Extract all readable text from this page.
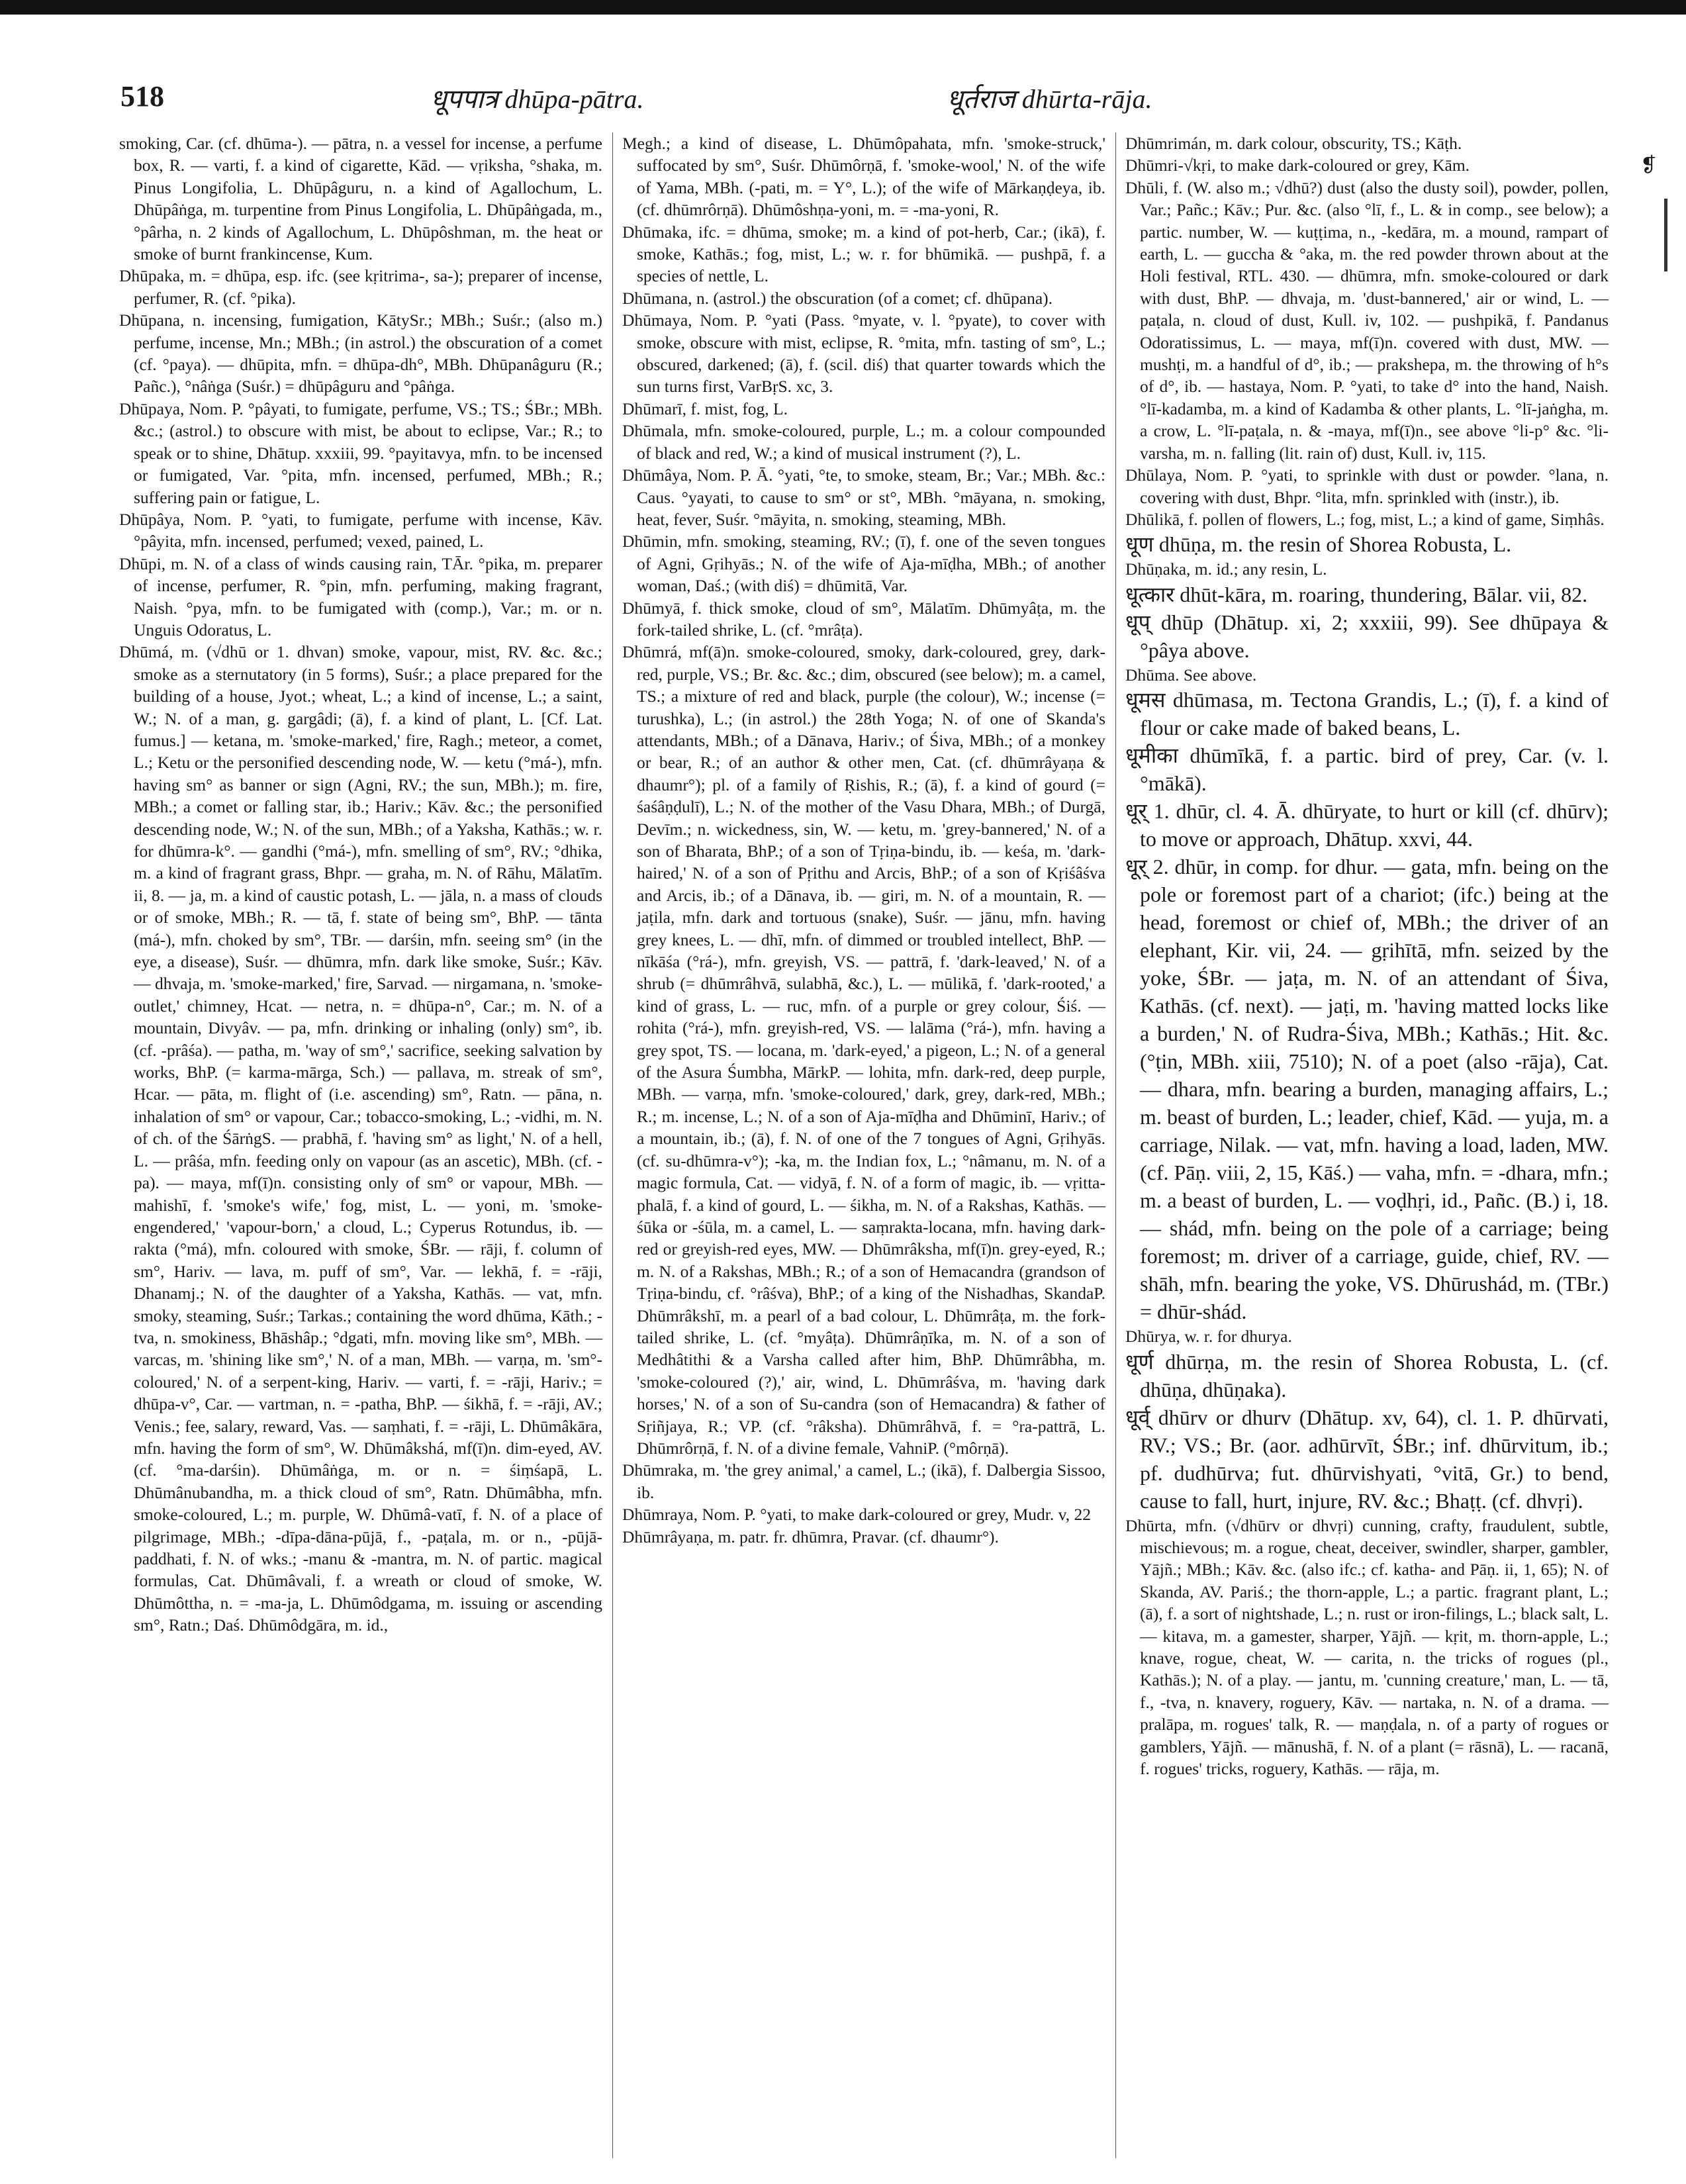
518	धूपपात्र dhūpa-pātra.	धूर्तराज dhūrta-rāja.
❡
smoking, Car. (cf. dhūma-). — pātra, n. a vessel for incense, a perfume box, R. — varti, f. a kind of cigarette, Kād. — vṛiksha, °shaka, m. Pinus Longifolia, L. Dhūpâguru, n. a kind of Agallochum, L. Dhūpâṅga, m. turpentine from Pinus Longifolia, L. Dhūpâṅgada, m., °pârha, n. 2 kinds of Agallochum, L. Dhūpôshman, m. the heat or smoke of burnt frankincense, Kum.
Dhūpaka, m. = dhūpa, esp. ifc. (see kṛitrima-, sa-); preparer of incense, perfumer, R. (cf. °pika).
Dhūpana, n. incensing, fumigation, KātySr.; MBh.; Suśr.; (also m.) perfume, incense, Mn.; MBh.; (in astrol.) the obscuration of a comet (cf. °paya). — dhūpita, mfn. = dhūpa-dh°, MBh. Dhūpanâguru (R.; Pañc.), °nâṅga (Suśr.) = dhūpâguru and °pâṅga.
Dhūpaya, Nom. P. °pâyati, to fumigate, perfume, VS.; TS.; ŚBr.; MBh. &c.; (astrol.) to obscure with mist, be about to eclipse, Var.; R.; to speak or to shine, Dhātup. xxxiii, 99. °payitavya, mfn. to be incensed or fumigated, Var. °pita, mfn. incensed, perfumed, MBh.; R.; suffering pain or fatigue, L.
Dhūpâya, Nom. P. °yati, to fumigate, perfume with incense, Kāv. °pâyita, mfn. incensed, perfumed; vexed, pained, L.
Dhūpi, m. N. of a class of winds causing rain, TĀr. °pika, m. preparer of incense, perfumer, R. °pin, mfn. perfuming, making fragrant, Naish. °pya, mfn. to be fumigated with (comp.), Var.; m. or n. Unguis Odoratus, L.
Dhūmá, m. (√dhū or 1. dhvan) smoke, vapour, mist, RV. &c. &c.; smoke as a sternutatory (in 5 forms), Suśr.; a place prepared for the building of a house, Jyot.; wheat, L.; a kind of incense, L.; a saint, W.; N. of a man, g. gargâdi; (ā), f. a kind of plant, L. [Cf. Lat. fumus.] — ketana, m. 'smoke-marked,' fire, Ragh.; meteor, a comet, L.; Ketu or the personified descending node, W. — ketu (°má-), mfn. having sm° as banner or sign (Agni, RV.; the sun, MBh.); m. fire, MBh.; a comet or falling star, ib.; Hariv.; Kāv. &c.; the personified descending node, W.; N. of the sun, MBh.; of a Yaksha, Kathās.; w. r. for dhūmra-k°. — gandhi (°má-), mfn. smelling of sm°, RV.; °dhika, m. a kind of fragrant grass, Bhpr. — graha, m. N. of Rāhu, Mālatīm. ii, 8. — ja, m. a kind of caustic potash, L. — jāla, n. a mass of clouds or of smoke, MBh.; R. — tā, f. state of being sm°, BhP. — tānta (má-), mfn. choked by sm°, TBr. — darśin, mfn. seeing sm° (in the eye, a disease), Suśr. — dhūmra, mfn. dark like smoke, Suśr.; Kāv. — dhvaja, m. 'smoke-marked,' fire, Sarvad. — nirgamana, n. 'smoke-outlet,' chimney, Hcat. — netra, n. = dhūpa-n°, Car.; m. N. of a mountain, Divyâv. — pa, mfn. drinking or inhaling (only) sm°, ib. (cf. -prâśa). — patha, m. 'way of sm°,' sacrifice, seeking salvation by works, BhP. (= karma-mārga, Sch.) — pallava, m. streak of sm°, Hcar. — pāta, m. flight of (i.e. ascending) sm°, Ratn. — pāna, n. inhalation of sm° or vapour, Car.; tobacco-smoking, L.; -vidhi, m. N. of ch. of the ŚārṅgS. — prabhā, f. 'having sm° as light,' N. of a hell, L. — prâśa, mfn. feeding only on vapour (as an ascetic), MBh. (cf. -pa). — maya, mf(ī)n. consisting only of sm° or vapour, MBh. — mahishī, f. 'smoke's wife,' fog, mist, L. — yoni, m. 'smoke-engendered,' 'vapour-born,' a cloud, L.; Cyperus Rotundus, ib. — rakta (°má), mfn. coloured with smoke, ŚBr. — rāji, f. column of sm°, Hariv. — lava, m. puff of sm°, Var. — lekhā, f. = -rāji, Dhanamj.; N. of the daughter of a Yaksha, Kathās. — vat, mfn. smoky, steaming, Suśr.; Tarkas.; containing the word dhūma, Kāth.; -tva, n. smokiness, Bhāshâp.; °dgati, mfn. moving like sm°, MBh. — varcas, m. 'shining like sm°,' N. of a man, MBh. — varṇa, m. 'sm°-coloured,' N. of a serpent-king, Hariv. — varti, f. = -rāji, Hariv.; = dhūpa-v°, Car. — vartman, n. = -patha, BhP. — śikhā, f. = -rāji, AV.; Venis.; fee, salary, reward, Vas. — saṃhati, f. = -rāji, L. Dhūmâkāra, mfn. having the form of sm°, W. Dhūmâkshá, mf(ī)n. dim-eyed, AV. (cf. °ma-darśin). Dhūmâṅga, m. or n. = śiṃśapā, L. Dhūmânubandha, m. a thick cloud of sm°, Ratn. Dhūmâbha, mfn. smoke-coloured, L.; m. purple, W. Dhūmâ-vatī, f. N. of a place of pilgrimage, MBh.; -dīpa-dāna-pūjā, f., -paṭala, m. or n., -pūjā-paddhati, f. N. of wks.; -manu & -mantra, m. N. of partic. magical formulas, Cat. Dhūmâvali, f. a wreath or cloud of smoke, W. Dhūmôttha, n. = -ma-ja, L. Dhūmôdgama, m. issuing or ascending sm°, Ratn.; Daś. Dhūmôdgāra, m. id.,
Megh.; a kind of disease, L. Dhūmôpahata, mfn. 'smoke-struck,' suffocated by sm°, Suśr. Dhūmôrṇā, f. 'smoke-wool,' N. of the wife of Yama, MBh. (-pati, m. = Y°, L.); of the wife of Mārkaṇḍeya, ib. (cf. dhūmrôrṇā). Dhūmôshṇa-yoni, m. = -ma-yoni, R.
Dhūmaka, ifc. = dhūma, smoke; m. a kind of pot-herb, Car.; (ikā), f. smoke, Kathās.; fog, mist, L.; w. r. for bhūmikā. — pushpā, f. a species of nettle, L.
Dhūmana, n. (astrol.) the obscuration (of a comet; cf. dhūpana).
Dhūmaya, Nom. P. °yati (Pass. °myate, v. l. °pyate), to cover with smoke, obscure with mist, eclipse, R. °mita, mfn. tasting of sm°, L.; obscured, darkened; (ā), f. (scil. diś) that quarter towards which the sun turns first, VarBṛS. xc, 3.
Dhūmarī, f. mist, fog, L.
Dhūmala, mfn. smoke-coloured, purple, L.; m. a colour compounded of black and red, W.; a kind of musical instrument (?), L.
Dhūmâya, Nom. P. Ā. °yati, °te, to smoke, steam, Br.; Var.; MBh. &c.: Caus. °yayati, to cause to sm° or st°, MBh. °māyana, n. smoking, heat, fever, Suśr. °māyita, n. smoking, steaming, MBh.
Dhūmin, mfn. smoking, steaming, RV.; (ī), f. one of the seven tongues of Agni, Gṛihyās.; N. of the wife of Aja-mīḍha, MBh.; of another woman, Daś.; (with diś) = dhūmitā, Var.
Dhūmyā, f. thick smoke, cloud of sm°, Mālatīm. Dhūmyâṭa, m. the fork-tailed shrike, L. (cf. °mrâṭa).
Dhūmrá, mf(ā)n. smoke-coloured, smoky, dark-coloured, grey, dark-red, purple, VS.; Br. &c. &c.; dim, obscured (see below); m. a camel, TS.; a mixture of red and black, purple (the colour), W.; incense (= turushka), L.; (in astrol.) the 28th Yoga; N. of one of Skanda's attendants, MBh.; of a Dānava, Hariv.; of Śiva, MBh.; of a monkey or bear, R.; of an author & other men, Cat. (cf. dhūmrâyaṇa & dhaumr°); pl. of a family of Ṛishis, R.; (ā), f. a kind of gourd (= śaśâṇḍulī), L.; N. of the mother of the Vasu Dhara, MBh.; of Durgā, Devīm.; n. wickedness, sin, W. — ketu, m. 'grey-bannered,' N. of a son of Bharata, BhP.; of a son of Tṛiṇa-bindu, ib. — keśa, m. 'dark-haired,' N. of a son of Pṛithu and Arcis, BhP.; of a son of Kṛiśâśva and Arcis, ib.; of a Dānava, ib. — giri, m. N. of a mountain, R. — jaṭila, mfn. dark and tortuous (snake), Suśr. — jānu, mfn. having grey knees, L. — dhī, mfn. of dimmed or troubled intellect, BhP. — nīkāśa (°rá-), mfn. greyish, VS. — pattrā, f. 'dark-leaved,' N. of a shrub (= dhūmrâhvā, sulabhā, &c.), L. — mūlikā, f. 'dark-rooted,' a kind of grass, L. — ruc, mfn. of a purple or grey colour, Śiś. — rohita (°rá-), mfn. greyish-red, VS. — lalāma (°rá-), mfn. having a grey spot, TS. — locana, m. 'dark-eyed,' a pigeon, L.; N. of a general of the Asura Śumbha, MārkP. — lohita, mfn. dark-red, deep purple, MBh. — varṇa, mfn. 'smoke-coloured,' dark, grey, dark-red, MBh.; R.; m. incense, L.; N. of a son of Aja-mīḍha and Dhūminī, Hariv.; of a mountain, ib.; (ā), f. N. of one of the 7 tongues of Agni, Gṛihyās. (cf. su-dhūmra-v°); -ka, m. the Indian fox, L.; °nâmanu, m. N. of a magic formula, Cat. — vidyā, f. N. of a form of magic, ib. — vṛitta-phalā, f. a kind of gourd, L. — śikha, m. N. of a Rakshas, Kathās. — śūka or -śūla, m. a camel, L. — saṃrakta-locana, mfn. having dark-red or greyish-red eyes, MW. — Dhūmrâksha, mf(ī)n. grey-eyed, R.; m. N. of a Rakshas, MBh.; R.; of a son of Hemacandra (grandson of Tṛiṇa-bindu, cf. °râśva), BhP.; of a king of the Nishadhas, SkandaP. Dhūmrâkshī, m. a pearl of a bad colour, L. Dhūmrâṭa, m. the fork-tailed shrike, L. (cf. °myâṭa). Dhūmrâṇīka, m. N. of a son of Medhâtithi & a Varsha called after him, BhP. Dhūmrâbha, m. 'smoke-coloured (?),' air, wind, L. Dhūmrâśva, m. 'having dark horses,' N. of a son of Su-candra (son of Hemacandra) & father of Sṛiñjaya, R.; VP. (cf. °râksha). Dhūmrâhvā, f. = °ra-pattrā, L. Dhūmrôrṇā, f. N. of a divine female, VahniP. (°môrṇā).
Dhūmraka, m. 'the grey animal,' a camel, L.; (ikā), f. Dalbergia Sissoo, ib.
Dhūmraya, Nom. P. °yati, to make dark-coloured or grey, Mudr. v, 22
Dhūmrâyaṇa, m. patr. fr. dhūmra, Pravar. (cf. dhaumr°).
Dhūmrimán, m. dark colour, obscurity, TS.; Kāṭh.
Dhūmri-√kṛi, to make dark-coloured or grey, Kām.
Dhūli, f. (W. also m.; √dhū?) dust (also the dusty soil), powder, pollen, Var.; Pañc.; Kāv.; Pur. &c. (also °lī, f., L. & in comp., see below); a partic. number, W. — kuṭṭima, n., -kedāra, m. a mound, rampart of earth, L. — guccha & °aka, m. the red powder thrown about at the Holi festival, RTL. 430. — dhūmra, mfn. smoke-coloured or dark with dust, BhP. — dhvaja, m. 'dust-bannered,' air or wind, L. — paṭala, n. cloud of dust, Kull. iv, 102. — pushpikā, f. Pandanus Odoratissimus, L. — maya, mf(ī)n. covered with dust, MW. — mushṭi, m. a handful of d°, ib.; — prakshepa, m. the throwing of h°s of d°, ib. — hastaya, Nom. P. °yati, to take d° into the hand, Naish. °lī-kadamba, m. a kind of Kadamba & other plants, L. °lī-jaṅgha, m. a crow, L. °lī-paṭala, n. & -maya, mf(ī)n., see above °li-p° &c. °li-varsha, m. n. falling (lit. rain of) dust, Kull. iv, 115.
Dhūlaya, Nom. P. °yati, to sprinkle with dust or powder. °lana, n. covering with dust, Bhpr. °lita, mfn. sprinkled with (instr.), ib.
Dhūlikā, f. pollen of flowers, L.; fog, mist, L.; a kind of game, Siṃhâs.
धूण dhūṇa, m. the resin of Shorea Robusta, L.
Dhūṇaka, m. id.; any resin, L.
धूत्कार dhūt-kāra, m. roaring, thundering, Bālar. vii, 82.
धूप् dhūp (Dhātup. xi, 2; xxxiii, 99). See dhūpaya & °pâya above.
Dhūma. See above.
धूमस dhūmasa, m. Tectona Grandis, L.; (ī), f. a kind of flour or cake made of baked beans, L.
धूमीका dhūmīkā, f. a partic. bird of prey, Car. (v. l. °mākā).
धूर् 1. dhūr, cl. 4. Ā. dhūryate, to hurt or kill (cf. dhūrv); to move or approach, Dhātup. xxvi, 44.
धूर् 2. dhūr, in comp. for dhur. — gata, mfn. being on the pole or foremost part of a chariot; (ifc.) being at the head, foremost or chief of, MBh.; the driver of an elephant, Kir. vii, 24. — gṛihītā, mfn. seized by the yoke, ŚBr. — jaṭa, m. N. of an attendant of Śiva, Kathās. (cf. next). — jaṭi, m. 'having matted locks like a burden,' N. of Rudra-Śiva, MBh.; Kathās.; Hit. &c. (°ṭin, MBh. xiii, 7510); N. of a poet (also -rāja), Cat. — dhara, mfn. bearing a burden, managing affairs, L.; m. beast of burden, L.; leader, chief, Kād. — yuja, m. a carriage, Nilak. — vat, mfn. having a load, laden, MW. (cf. Pāṇ. viii, 2, 15, Kāś.) — vaha, mfn. = -dhara, mfn.; m. a beast of burden, L. — voḍhṛi, id., Pañc. (B.) i, 18. — shád, mfn. being on the pole of a carriage; being foremost; m. driver of a carriage, guide, chief, RV. — shāh, mfn. bearing the yoke, VS. Dhūrushád, m. (TBr.) = dhūr-shád.
Dhūrya, w. r. for dhurya.
धूर्ण dhūrṇa, m. the resin of Shorea Robusta, L. (cf. dhūṇa, dhūṇaka).
धूर्व् dhūrv or dhurv (Dhātup. xv, 64), cl. 1. P. dhūrvati, RV.; VS.; Br. (aor. adhūrvīt, ŚBr.; inf. dhūrvitum, ib.; pf. dudhūrva; fut. dhūrvishyati, °vitā, Gr.) to bend, cause to fall, hurt, injure, RV. &c.; Bhaṭṭ. (cf. dhvṛi).
Dhūrta, mfn. (√dhūrv or dhvṛi) cunning, crafty, fraudulent, subtle, mischievous; m. a rogue, cheat, deceiver, swindler, sharper, gambler, Yājñ.; MBh.; Kāv. &c. (also ifc.; cf. katha- and Pāṇ. ii, 1, 65); N. of Skanda, AV. Pariś.; the thorn-apple, L.; a partic. fragrant plant, L.; (ā), f. a sort of nightshade, L.; n. rust or iron-filings, L.; black salt, L. — kitava, m. a gamester, sharper, Yājñ. — kṛit, m. thorn-apple, L.; knave, rogue, cheat, W. — carita, n. the tricks of rogues (pl., Kathās.); N. of a play. — jantu, m. 'cunning creature,' man, L. — tā, f., -tva, n. knavery, roguery, Kāv. — nartaka, n. N. of a drama. — pralāpa, m. rogues' talk, R. — maṇḍala, n. of a party of rogues or gamblers, Yājñ. — mānushā, f. N. of a plant (= rāsnā), L. — racanā, f. rogues' tricks, roguery, Kathās. — rāja, m.
